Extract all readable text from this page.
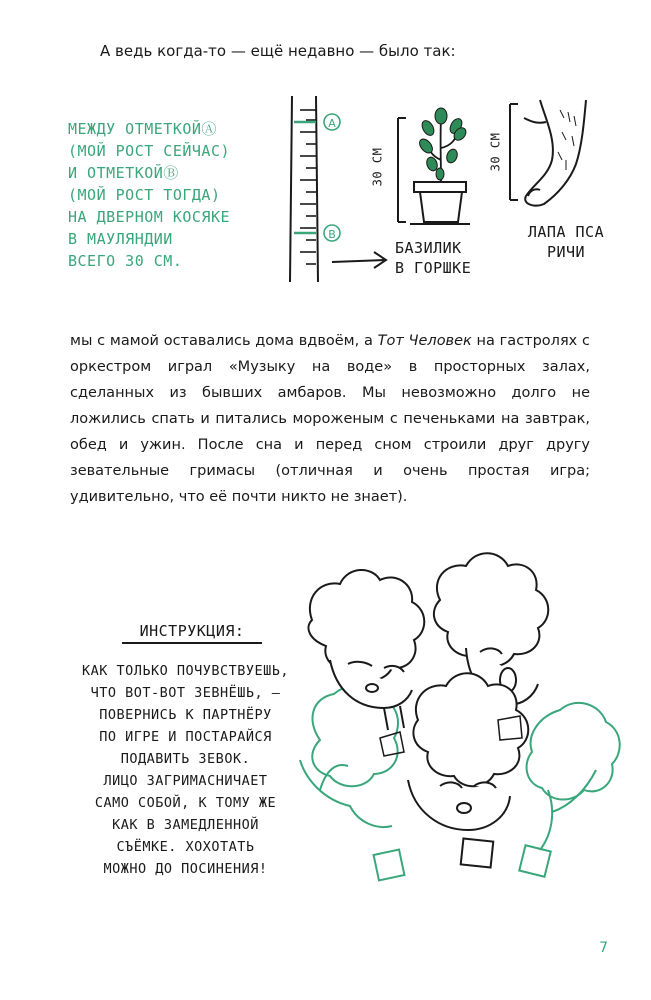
А ведь когда-то — ещё недавно — было так:

A
B

МЕЖДУ ОТМЕТКОЙⒶ
(МОЙ РОСТ СЕЙЧАС)
И ОТМЕТКОЙⒷ
(МОЙ РОСТ ТОГДА)
НА ДВЕРНОМ КОСЯКЕ
В МАУЛЯНДИИ
ВСЕГО 30 СМ.

30 СМ	30 СМ
БАЗИЛИК
В ГОРШКЕ
ЛАПА ПСА
РИЧИ

мы с мамой оставались дома вдвоём, а Тот Человек на гастролях с оркестром играл «Музыку на воде» в просторных залах, сделанных из бывших амбаров. Мы невозможно долго не ложились спать и питались мороженым с печеньками на завтрак, обед и ужин. После сна и перед сном строили друг другу зевательные гримасы (отличная и очень простая игра; удивительно, что её почти никто не знает).

ИНСТРУКЦИЯ:

КАК ТОЛЬКО ПОЧУВСТВУЕШЬ,
ЧТО ВОТ-ВОТ ЗЕВНЁШЬ, —
ПОВЕРНИСЬ К ПАРТНЁРУ
ПО ИГРЕ И ПОСТАРАЙСЯ
ПОДАВИТЬ ЗЕВОК.
ЛИЦО ЗАГРИМАСНИЧАЕТ
САМО СОБОЙ, К ТОМУ ЖЕ
КАК В ЗАМЕДЛЕННОЙ
СЪЁМКЕ. ХОХОТАТЬ
МОЖНО ДО ПОСИНЕНИЯ!

7
